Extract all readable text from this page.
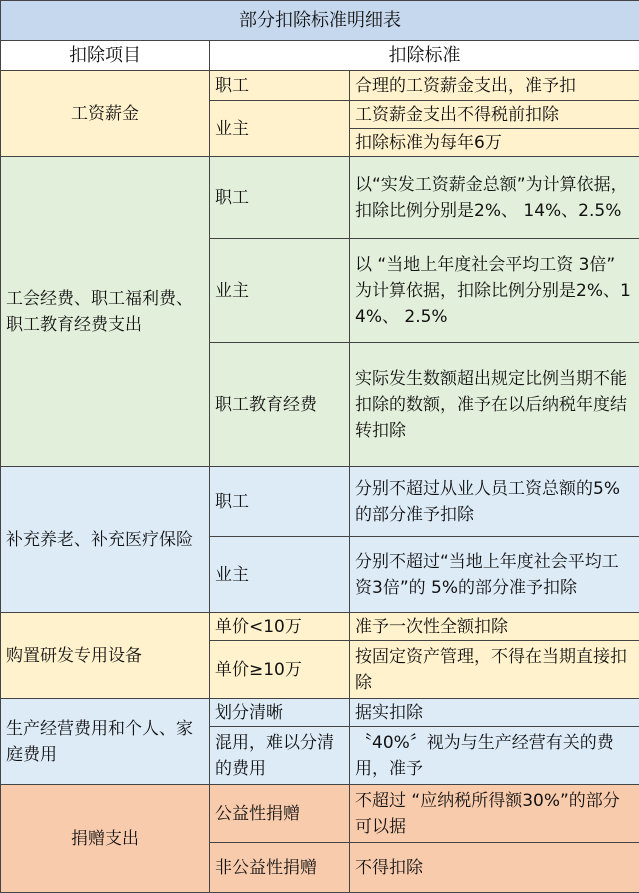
部分扣除标准明细表		
扣除项目	扣除标准	
工资薪金	职工	合理的工资薪金支出，准予扣
	业主	工资薪金支出不得税前扣除
		扣除标准为每年6万
工会经费、职工福利费、职工教育经费支出	职工	以“实发工资薪金总额”为计算依据，扣除比例分别是2%、 14%、2.5%
	业主	以 “当地上年度社会平均工资 3倍” 为计算依据，扣除比例分别是2%、14%、 2.5%
	职工教育经费	实际发生数额超出规定比例当期不能扣除的数额，准予在以后纳税年度结转扣除
补充养老、补充医疗保险	职工	分别不超过从业人员工资总额的5%的部分准予扣除
	业主	分别不超过“当地上年度社会平均工资3倍”的 5%的部分准予扣除
购置研发专用设备	单价<10万	准予一次性全额扣除
	单价≥10万	按固定资产管理，不得在当期直接扣除
生产经营费用和个人、家庭费用	划分清晰	据实扣除
	混用，难以分清的费用	〝40%〞视为与生产经营有关的费用，准予
捐赠支出	公益性捐赠	不超过 “应纳税所得额30%”的部分可以据
	非公益性捐赠	不得扣除
